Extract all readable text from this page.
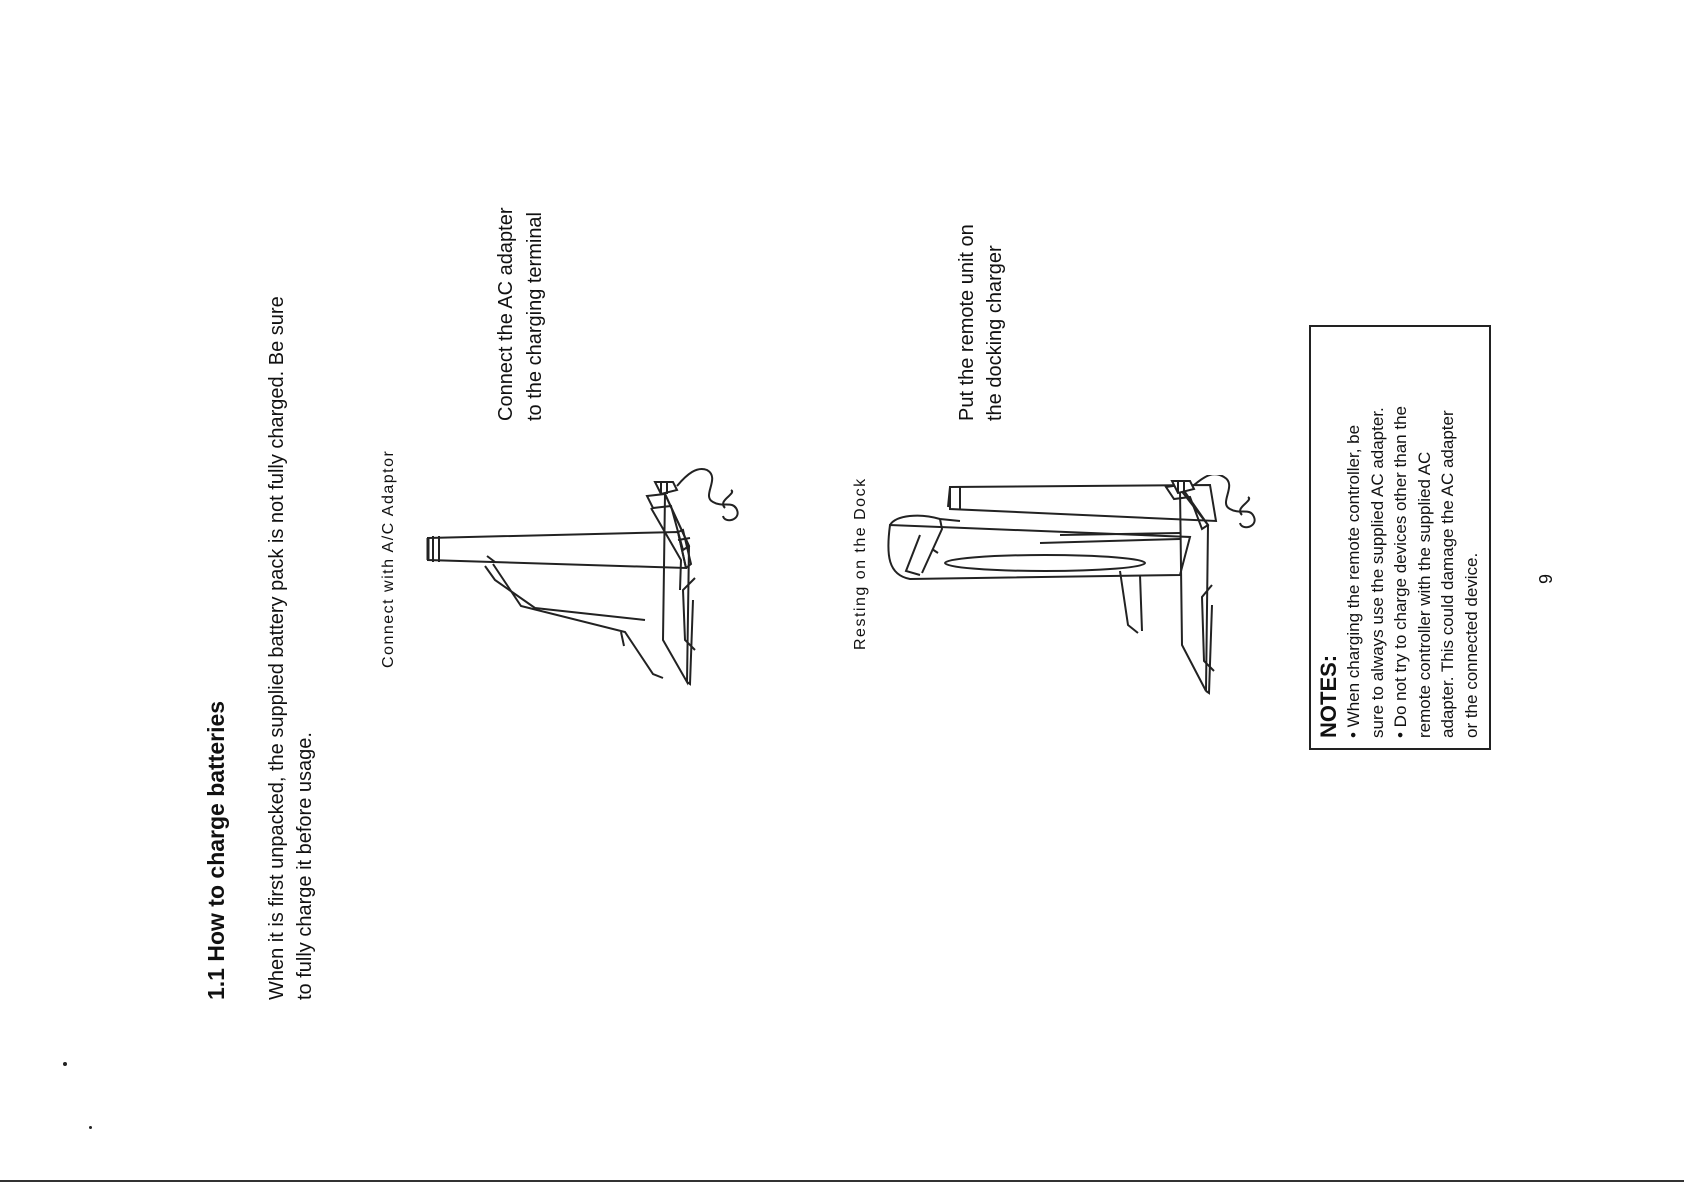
1.1 How to charge batteries When it is first unpacked, the supplied battery pack is not fully charged. Be sure to fully charge it before usage.
Connect with A/C Adaptor
Connect the AC adapter to the charging terminal
Resting on the Dock
Put the remote unit on the docking charger
NOTES: • When charging the remote controller, be sure to always use the supplied AC adapter. • Do not try to charge devices other than the remote controller with the supplied AC adapter. This could damage the AC adapter or the connected device.	9
